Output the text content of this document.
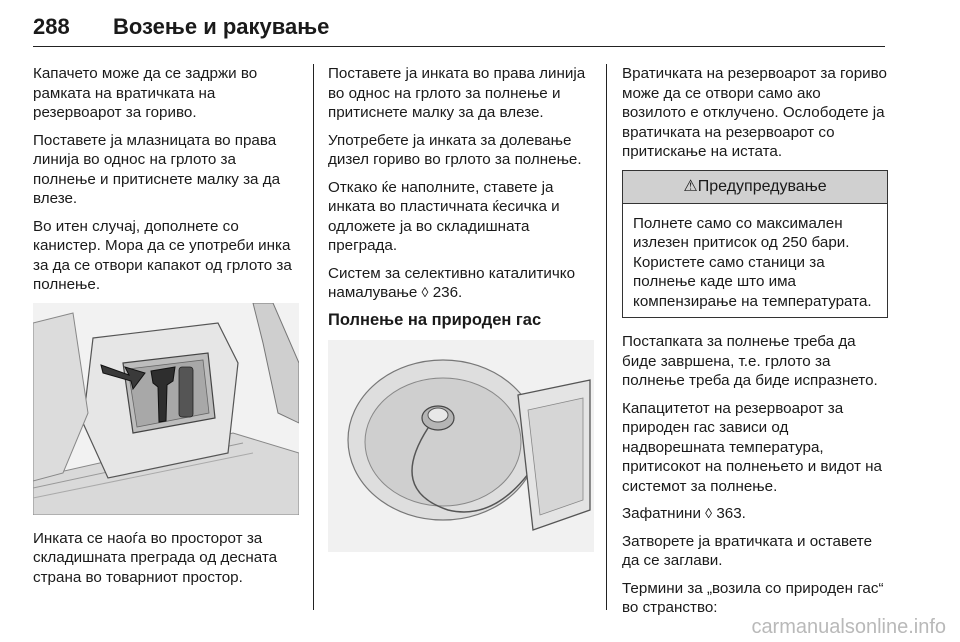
288 Возење и ракување

Капачето може да се задржи во рамката на вратичката на резервоарот за гориво.

Поставете ја млазницата во права линија во однос на грлото за полнење и притиснете малку за да влезе.

Во итен случај, дополнете со канистер. Мора да се употреби инка за да се отвори капакот од грлото за полнење.

Инката се наоѓа во просторот за складишната преграда од десната страна во товарниот простор.

Поставете ја инката во права линија во однос на грлото за полнење и притиснете малку за да влезе.

Употребете ја инката за долевање дизел гориво во грлото за полнење.

Откако ќе наполните, ставете ја инката во пластичната ќесичка и одложете ја во складишната преграда.

Систем за селективно каталитичко намалување ◊ 236.

Полнење на природен гас

Вратичката на резервоарот за гориво може да се отвори само ако возилото е отклучено. Ослободете ја вратичката на резервоарот со притискање на истата.

⚠Предупредување
Полнете само со максимален излезен притисок од 250 бари. Користете само станици за полнење каде што има компензирање на температурата.

Постапката за полнење треба да биде завршена, т.е. грлото за полнење треба да биде испразнето.

Капацитетот на резервоарот за природен гас зависи од надворешната температура, притисокот на полнењето и видот на системот за полнење.

Зафатнини ◊ 363.

Затворете ја вратичката и оставете да се заглави.

Термини за „возила со природен гас“ во странство:

carmanualsonline.info
